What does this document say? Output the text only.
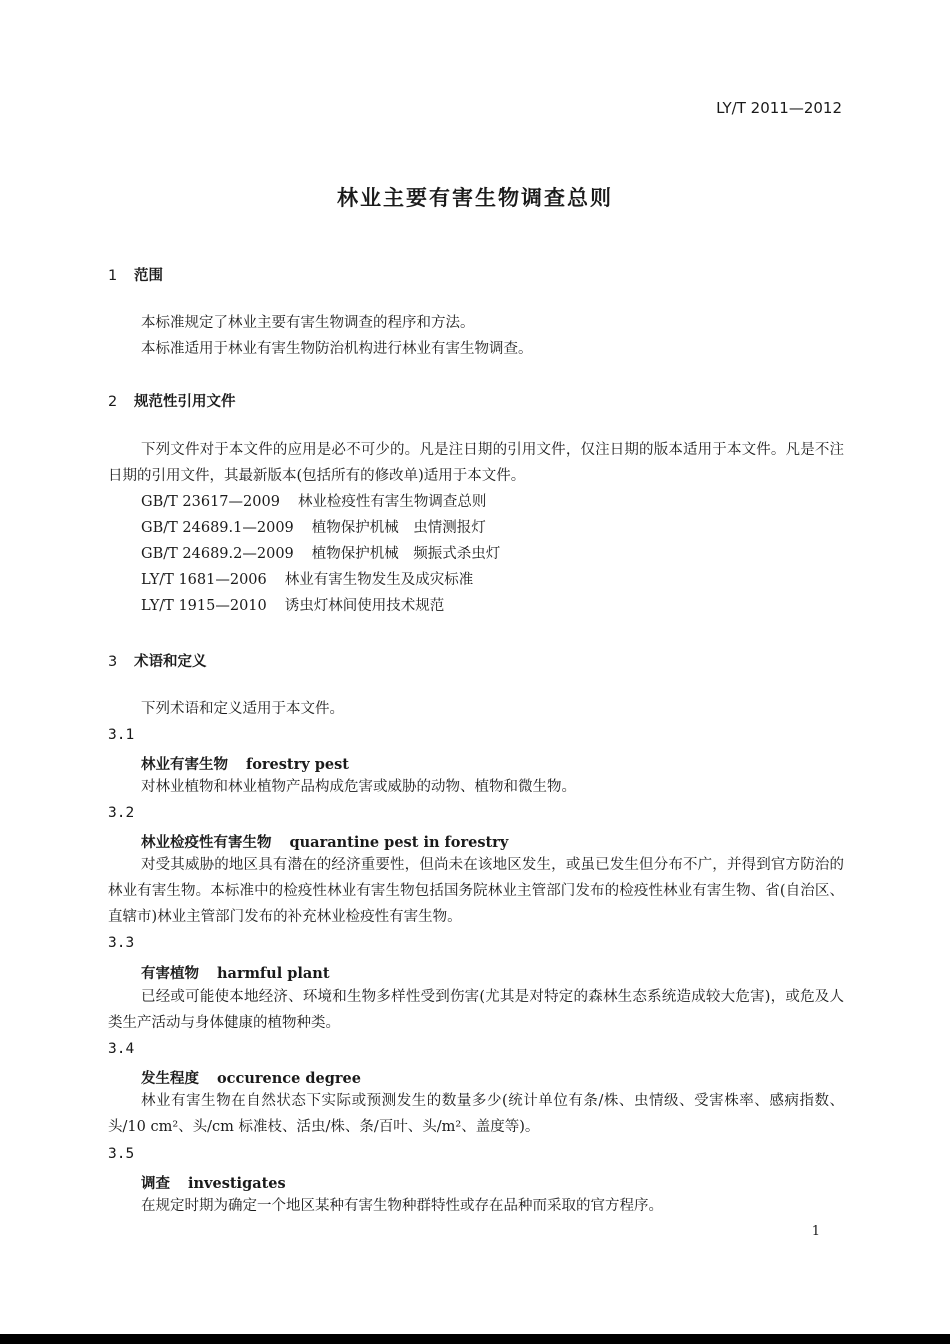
LY/T 2011—2012
林业主要有害生物调查总则
1 范围
本标准规定了林业主要有害生物调查的程序和方法。
本标准适用于林业有害生物防治机构进行林业有害生物调查。
2 规范性引用文件
下列文件对于本文件的应用是必不可少的。凡是注日期的引用文件，仅注日期的版本适用于本文件。凡是不注日期的引用文件，其最新版本(包括所有的修改单)适用于本文件。
GB/T 23617—2009 林业检疫性有害生物调查总则
GB/T 24689.1—2009 植物保护机械　虫情测报灯
GB/T 24689.2—2009 植物保护机械　频振式杀虫灯
LY/T 1681—2006 林业有害生物发生及成灾标准
LY/T 1915—2010 诱虫灯林间使用技术规范
3 术语和定义
下列术语和定义适用于本文件。
3.1
林业有害生物 forestry pest
对林业植物和林业植物产品构成危害或威胁的动物、植物和微生物。
3.2
林业检疫性有害生物 quarantine pest in forestry
对受其威胁的地区具有潜在的经济重要性，但尚未在该地区发生，或虽已发生但分布不广，并得到官方防治的林业有害生物。本标准中的检疫性林业有害生物包括国务院林业主管部门发布的检疫性林业有害生物、省(自治区、直辖市)林业主管部门发布的补充林业检疫性有害生物。
3.3
有害植物 harmful plant
已经或可能使本地经济、环境和生物多样性受到伤害(尤其是对特定的森林生态系统造成较大危害)，或危及人类生产活动与身体健康的植物种类。
3.4
发生程度 occurence degree
林业有害生物在自然状态下实际或预测发生的数量多少(统计单位有条/株、虫情级、受害株率、感病指数、头/10 cm²、头/cm 标准枝、活虫/株、条/百叶、头/m²、盖度等)。
3.5
调查 investigates
在规定时期为确定一个地区某种有害生物种群特性或存在品种而采取的官方程序。
1
